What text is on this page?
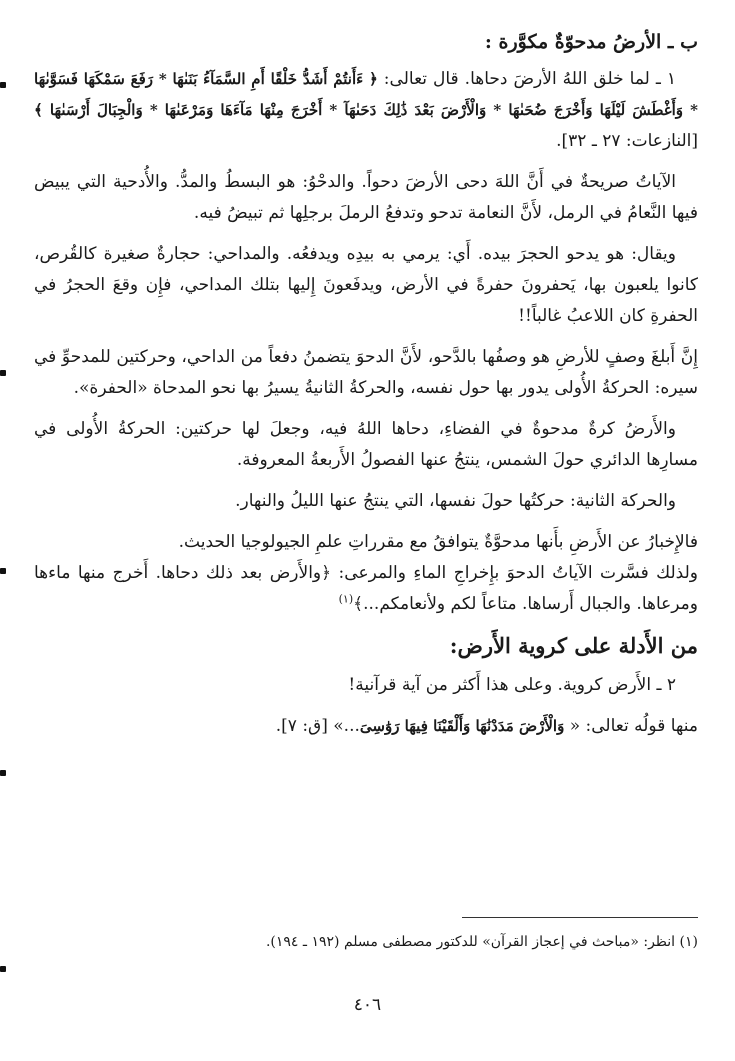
ب ـ الأرضُ مدحوّةٌ مكوَّرة :

١ ـ لما خلق اللهُ الأرضَ دحاها. قال تعالى: ﴿ ءَأَنتُمْ أَشَدُّ خَلْقًا أَمِ السَّمَآءُ بَنَىٰهَا * رَفَعَ سَمْكَهَا فَسَوَّىٰهَا * وَأَغْطَشَ لَيْلَهَا وَأَخْرَجَ ضُحَىٰهَا * وَالْأَرْضَ بَعْدَ ذَٰلِكَ دَحَىٰهَآ * أَخْرَجَ مِنْهَا مَآءَهَا وَمَرْعَىٰهَا * وَالْجِبَالَ أَرْسَىٰهَا ﴾ [النازعات: ٢٧ ـ ٣٢].

الآياتُ صريحةٌ في أَنَّ اللهَ دحى الأرضَ دحواً. والدحْوُ: هو البسطُ والمدُّ. والأُدحية التي يبيض فيها النَّعامُ في الرمل، لأَنَّ النعامة تدحو وتدفعُ الرملَ برجلِها ثم تبيضُ فيه.

ويقال: هو يدحو الحجرَ بيده. أَي: يرمي به بيدِه ويدفعُه. والمداحي: حجارةٌ صغيرة كالقُرص، كانوا يلعبون بها، يَحفرونَ حفرةً في الأرض، ويدفَعونَ إِليها بتلك المداحي، فإِن وقعَ الحجرُ في الحفرةِ كان اللاعبُ غالباً!!

إِنَّ أَبلغَ وصفٍ للأرضِ هو وصفُها بالدَّحو، لأَنَّ الدحوَ يتضمنُ دفعاً من الداحي، وحركتين للمدحوِّ في سيره: الحركةُ الأُولى يدور بها حول نفسه، والحركةُ الثانيةُ يسيرُ بها نحو المدحاة «الحفرة».

والأَرضُ كرةٌ مدحوةٌ في الفضاءِ، دحاها اللهُ فيه، وجعلَ لها حركتين: الحركةُ الأُولى في مسارِها الدائري حولَ الشمس، ينتجُ عنها الفصولُ الأَربعةُ المعروفة.

والحركة الثانية: حركتُها حولَ نفسها، التي ينتجُ عنها الليلُ والنهار.

فالإِخبارُ عن الأَرضِ بأَنها مدحوَّةٌ يتوافقُ مع مقرراتِ علمِ الجيولوجيا الحديث.

ولذلك فسَّرت الآياتُ الدحوَ بإِخراجِ الماءِ والمرعى: ﴿والأَرض بعد ذلك دحاها. أَخرج منها ماءها ومرعاها. والجبال أَرساها. متاعاً لكم ولأنعامكم...﴾$^{(١)}$

من الأَدلة على كروية الأَرض:

٢ ـ الأَرض كروية. وعلى هذا أَكثر من آية قرآنية!

منها قولُه تعالى: « وَالْأَرْضَ مَدَدْنَٰهَا وَأَلْقَيْنَا فِيهَا رَوَٰسِىَ...» [ق: ٧].

(١) انظر: «مباحث في إعجاز القرآن» للدكتور مصطفى مسلم (١٩٢ ـ ١٩٤).
٤٠٦
